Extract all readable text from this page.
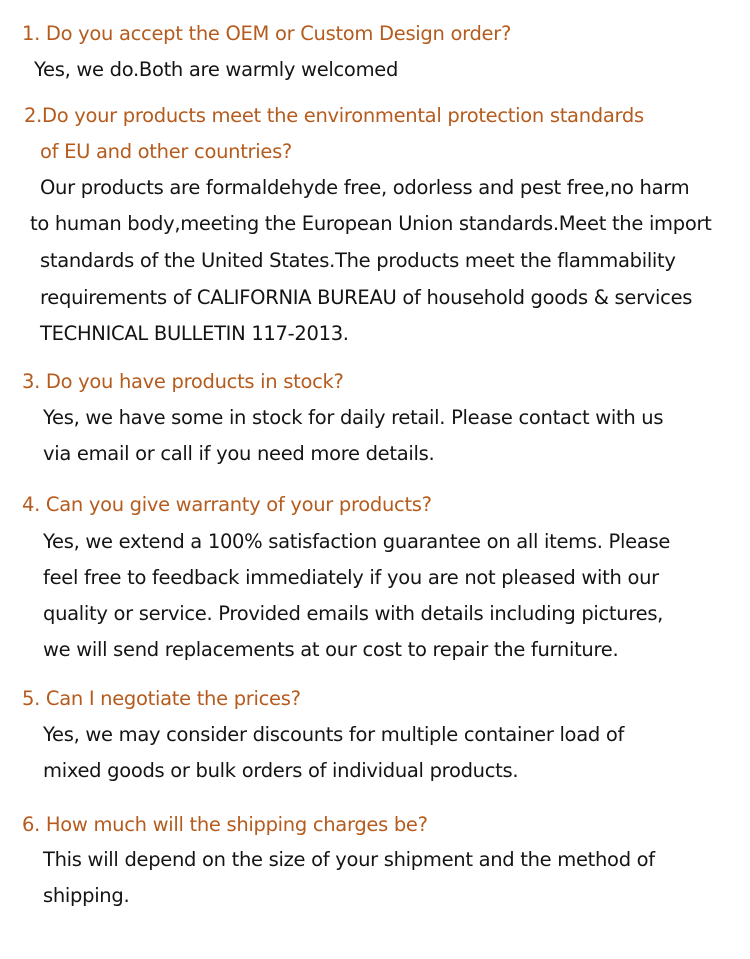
1. Do you accept the OEM or Custom Design order?
Yes, we do.Both are warmly welcomed
2.Do your products meet the environmental protection standards
of EU and other countries?
Our products are formaldehyde free, odorless and pest free,no harm
to human body,meeting the European Union standards.Meet the import
standards of the United States.The products meet the flammability
requirements of CALIFORNIA BUREAU of household goods & services
TECHNICAL BULLETIN 117-2013.
3. Do you have products in stock?
Yes, we have some in stock for daily retail. Please contact with us
via email or call if you need more details.
4. Can you give warranty of your products?
Yes, we extend a 100% satisfaction guarantee on all items. Please
feel free to feedback immediately if you are not pleased with our
quality or service. Provided emails with details including pictures,
we will send replacements at our cost to repair the furniture.
5. Can I negotiate the prices?
Yes, we may consider discounts for multiple container load of
mixed goods or bulk orders of individual products.
6. How much will the shipping charges be?
This will depend on the size of your shipment and the method of
shipping.
